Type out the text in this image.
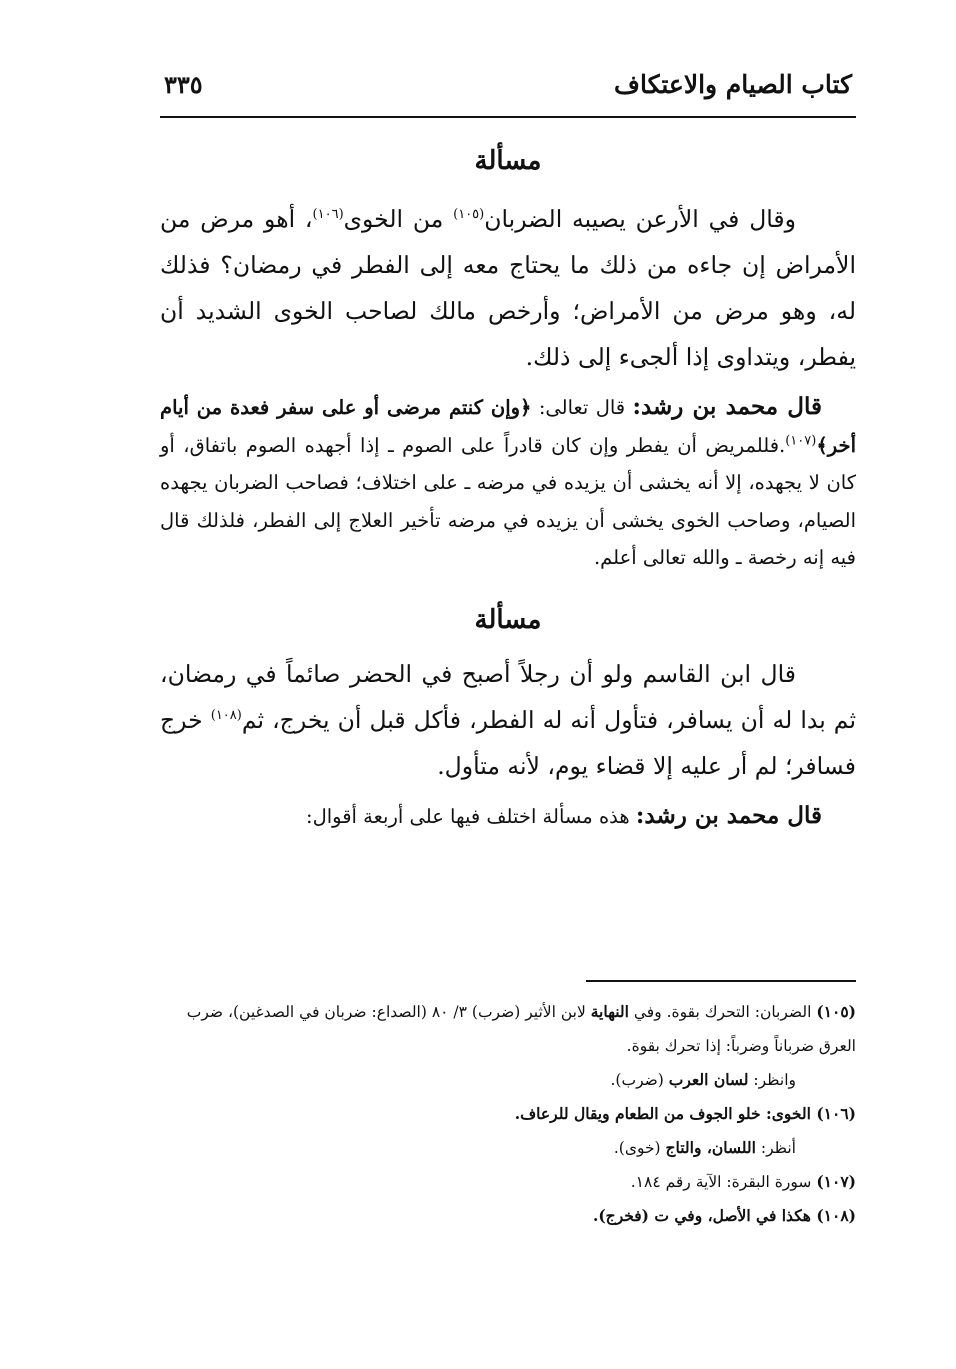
كتاب الصيام والاعتكاف
٣٣٥
مسألة

وقال في الأرعن يصيبه الضربان$^{(١٠٥)}$ من الخوى$^{(١٠٦)}$، أهو مرض من الأمراض إن جاءه من ذلك ما يحتاج معه إلى الفطر في رمضان؟ فذلك له، وهو مرض من الأمراض؛ وأرخص مالك لصاحب الخوى الشديد أن يفطر، ويتداوى إذا ألجىء إلى ذلك.

قال محمد بن رشد: قال تعالى: ﴿وإن كنتم مرضى أو على سفر فعدة من أيام أخر﴾$^{(١٠٧)}$.فللمريض أن يفطر وإن كان قادراً على الصوم ـ إذا أجهده الصوم باتفاق، أو كان لا يجهده، إلا أنه يخشى أن يزيده في مرضه ـ على اختلاف؛ فصاحب الضربان يجهده الصيام، وصاحب الخوى يخشى أن يزيده في مرضه تأخير العلاج إلى الفطر، فلذلك قال فيه إنه رخصة ـ والله تعالى أعلم.

مسألة

قال ابن القاسم ولو أن رجلاً أصبح في الحضر صائماً في رمضان، ثم بدا له أن يسافر، فتأول أنه له الفطر، فأكل قبل أن يخرج، ثم$^{(١٠٨)}$ خرج فسافر؛ لم أر عليه إلا قضاء يوم، لأنه متأول.

قال محمد بن رشد: هذه مسألة اختلف فيها على أربعة أقوال:

(١٠٥) الضربان: التحرك بقوة. وفي النهاية لابن الأثير (ضرب) ٣/ ٨٠ (الصداع: ضربان في الصدغين)، ضرب العرق ضرباناً وضرباً: إذا تحرك بقوة.

وانظر: لسان العرب (ضرب).

(١٠٦) الخوى: خلو الجوف من الطعام ويقال للرعاف.

أنظر: اللسان، والتاج (خوى).

(١٠٧) سورة البقرة: الآية رقم ١٨٤.

(١٠٨) هكذا في الأصل، وفي ت (فخرج).
